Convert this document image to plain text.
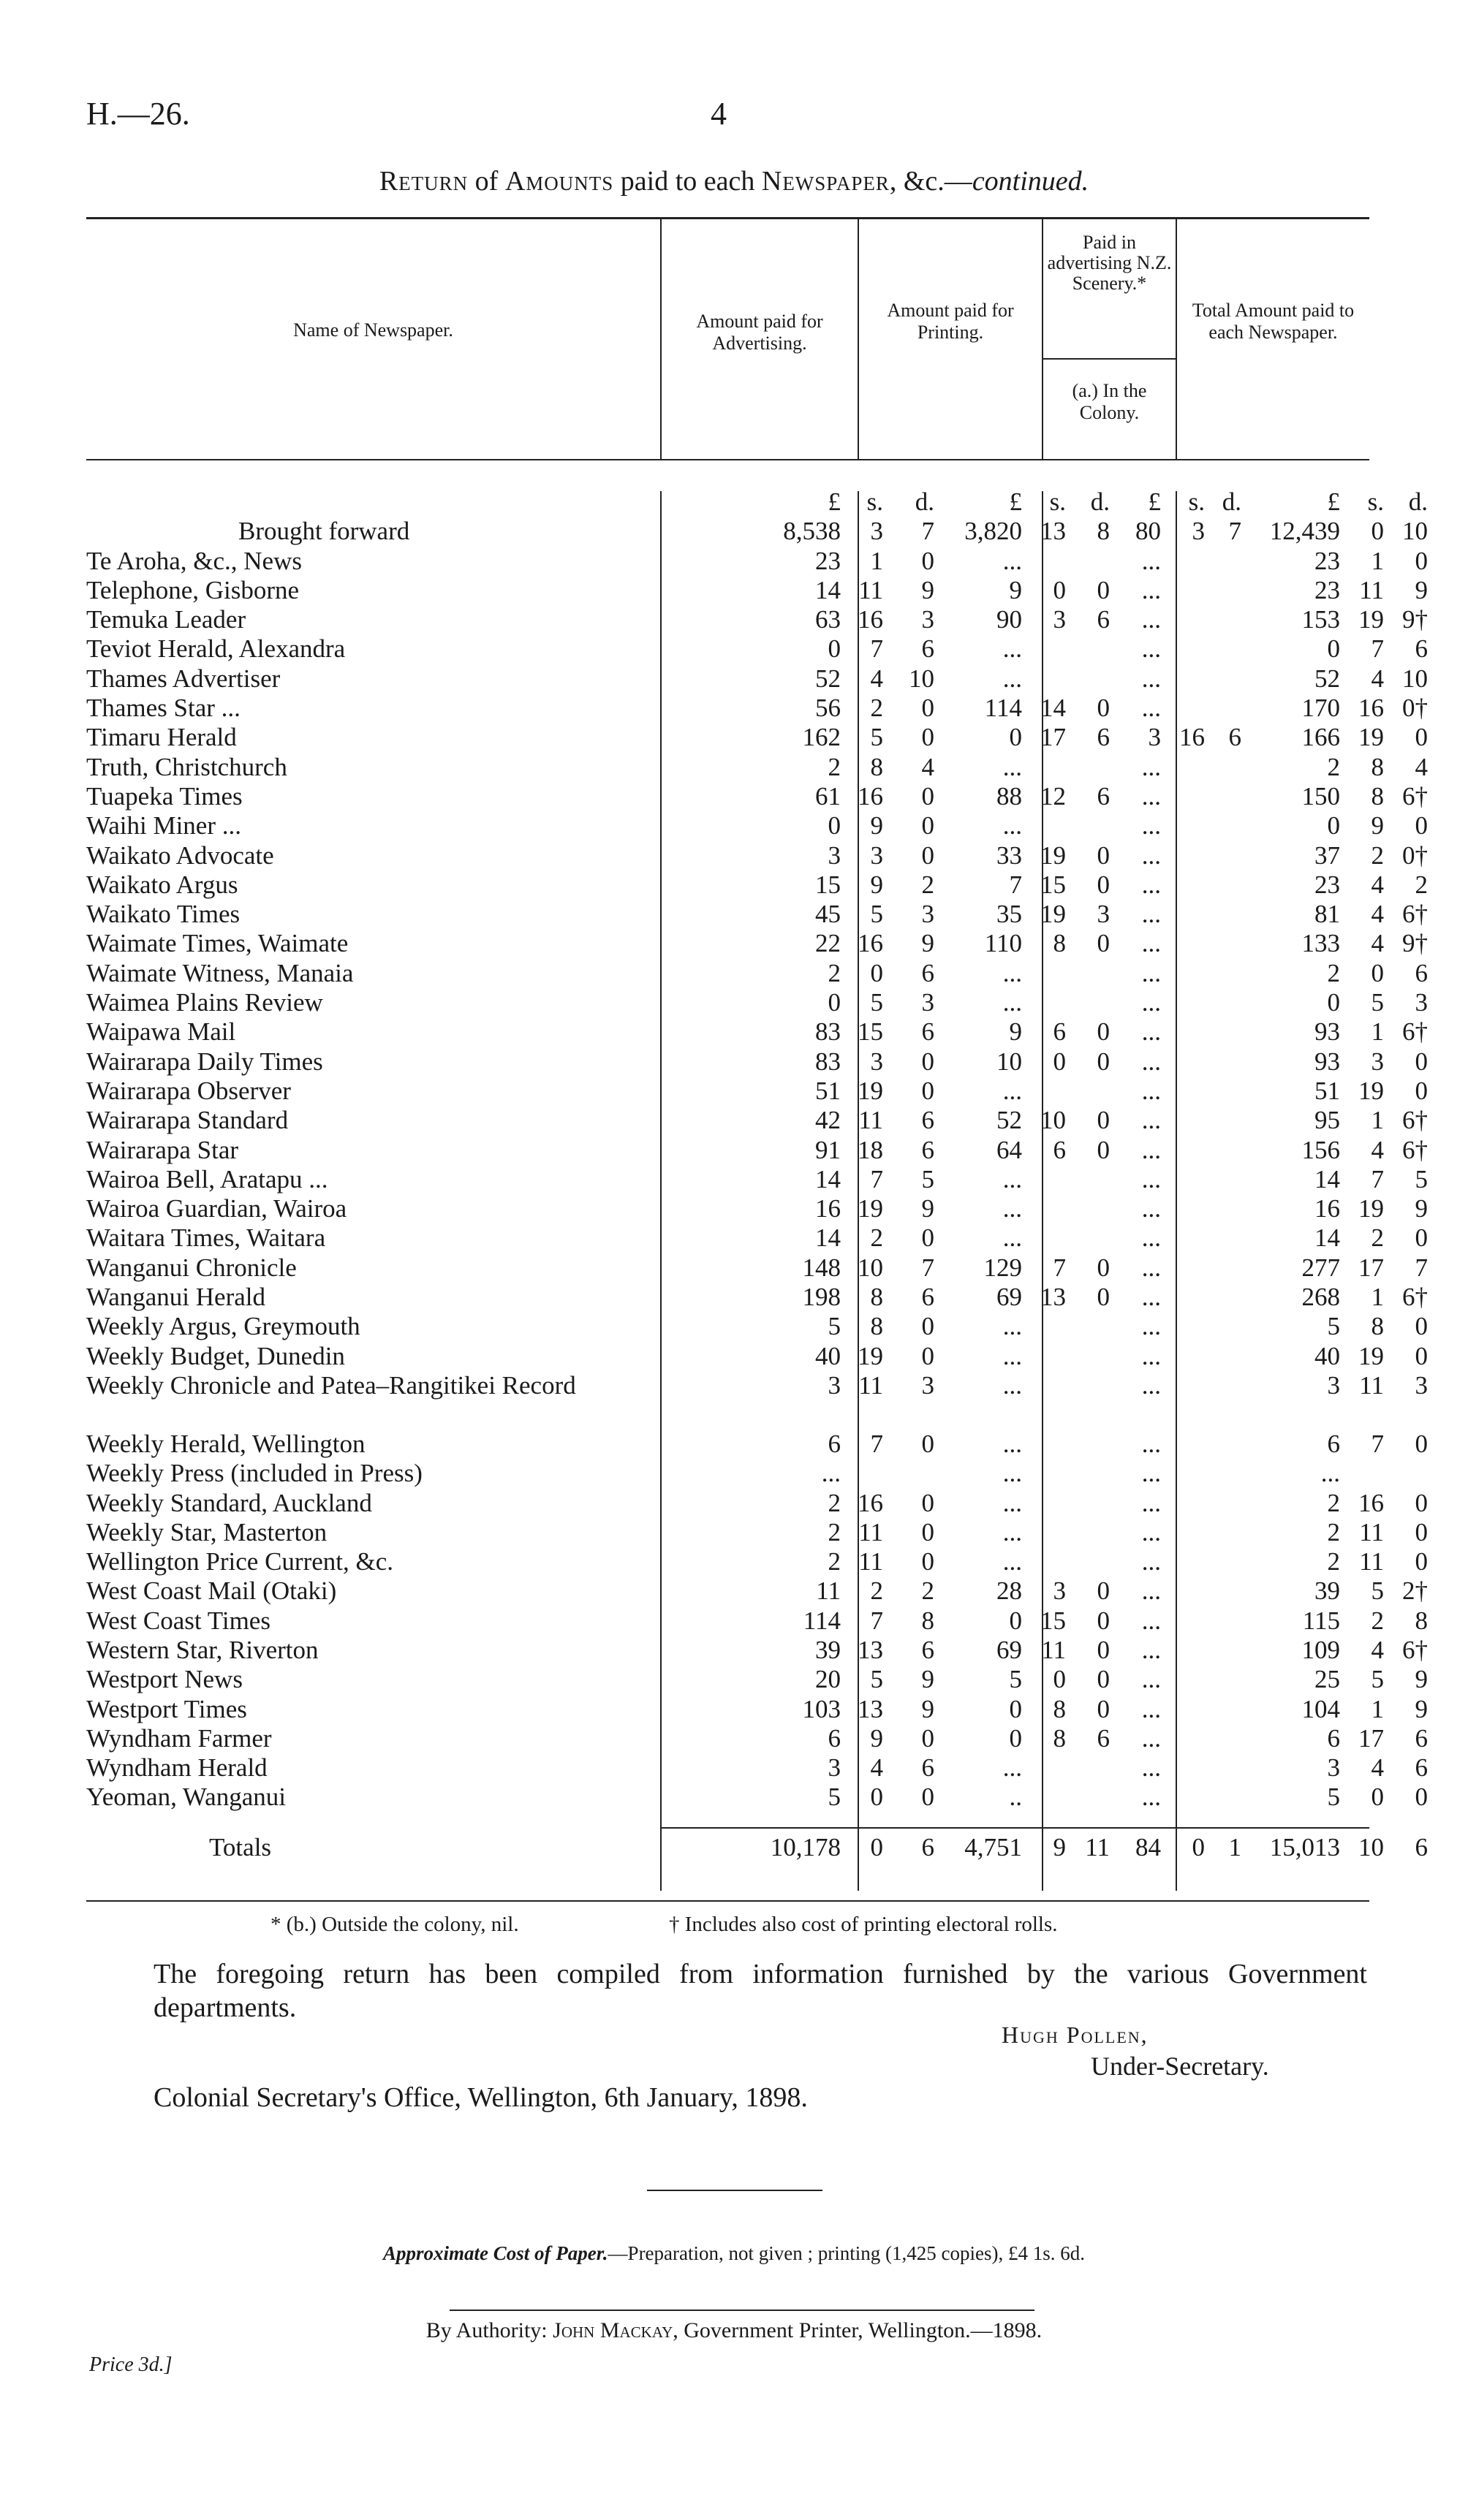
H.—26.	4
Return of Amounts paid to each Newspaper, &c.—continued.
Name of Newspaper.	Amount paid for Advertising.
Amount paid for Printing.
Paid in advertising N.Z. Scenery.*
(a.) In the Colony.
Total Amount paid to each Newspaper.
		£	s.	d.	£	s.	d.	£	s.	d.	£	s.	d.
Brought forward		8,538	3	7	3,820	13	8	80	3	7	12,439	0	10
Te Aroha, &c., News		23	1	0	...			...			23	1	0
Telephone, Gisborne		14	11	9	9	0	0	...			23	11	9
Temuka Leader		63	16	3	90	3	6	...			153	19	9†
Teviot Herald, Alexandra		0	7	6	...			...			0	7	6
Thames Advertiser		52	4	10	...			...			52	4	10
Thames Star ...		56	2	0	114	14	0	...			170	16	0†
Timaru Herald		162	5	0	0	17	6	3	16	6	166	19	0
Truth, Christchurch		2	8	4	...			...			2	8	4
Tuapeka Times		61	16	0	88	12	6	...			150	8	6†
Waihi Miner ...		0	9	0	...			...			0	9	0
Waikato Advocate		3	3	0	33	19	0	...			37	2	0†
Waikato Argus		15	9	2	7	15	0	...			23	4	2
Waikato Times		45	5	3	35	19	3	...			81	4	6†
Waimate Times, Waimate		22	16	9	110	8	0	...			133	4	9†
Waimate Witness, Manaia		2	0	6	...			...			2	0	6
Waimea Plains Review		0	5	3	...			...			0	5	3
Waipawa Mail		83	15	6	9	6	0	...			93	1	6†
Wairarapa Daily Times		83	3	0	10	0	0	...			93	3	0
Wairarapa Observer		51	19	0	...			...			51	19	0
Wairarapa Standard		42	11	6	52	10	0	...			95	1	6†
Wairarapa Star		91	18	6	64	6	0	...			156	4	6†
Wairoa Bell, Aratapu ...		14	7	5	...			...			14	7	5
Wairoa Guardian, Wairoa		16	19	9	...			...			16	19	9
Waitara Times, Waitara		14	2	0	...			...			14	2	0
Wanganui Chronicle		148	10	7	129	7	0	...			277	17	7
Wanganui Herald		198	8	6	69	13	0	...			268	1	6†
Weekly Argus, Greymouth		5	8	0	...			...			5	8	0
Weekly Budget, Dunedin		40	19	0	...			...			40	19	0
Weekly Chronicle and Patea–Rangitikei Record		3	11	3	...			...			3	11	3
Weekly Herald, Wellington		6	7	0	...			...			6	7	0
Weekly Press (included in Press)		...			...			...			...		
Weekly Standard, Auckland		2	16	0	...			...			2	16	0
Weekly Star, Masterton		2	11	0	...			...			2	11	0
Wellington Price Current, &c.		2	11	0	...			...			2	11	0
West Coast Mail (Otaki)		11	2	2	28	3	0	...			39	5	2†
West Coast Times		114	7	8	0	15	0	...			115	2	8
Western Star, Riverton		39	13	6	69	11	0	...			109	4	6†
Westport News		20	5	9	5	0	0	...			25	5	9
Westport Times		103	13	9	0	8	0	...			104	1	9
Wyndham Farmer		6	9	0	0	8	6	...			6	17	6
Wyndham Herald		3	4	6	...			...			3	4	6
Yeoman, Wanganui		5	0	0	..			...			5	0	0

Totals		10,178	0	6	4,751	9	11	84	0	1	15,013	10	6
* (b.) Outside the colony, nil.	† Includes also cost of printing electoral rolls.
The foregoing return has been compiled from information furnished by the various Government departments.
Hugh Pollen,
Under-Secretary.
Colonial Secretary's Office, Wellington, 6th January, 1898.
Approximate Cost of Paper.—Preparation, not given ; printing (1,425 copies), £4 1s. 6d.
By Authority: John Mackay, Government Printer, Wellington.—1898.
Price 3d.]
